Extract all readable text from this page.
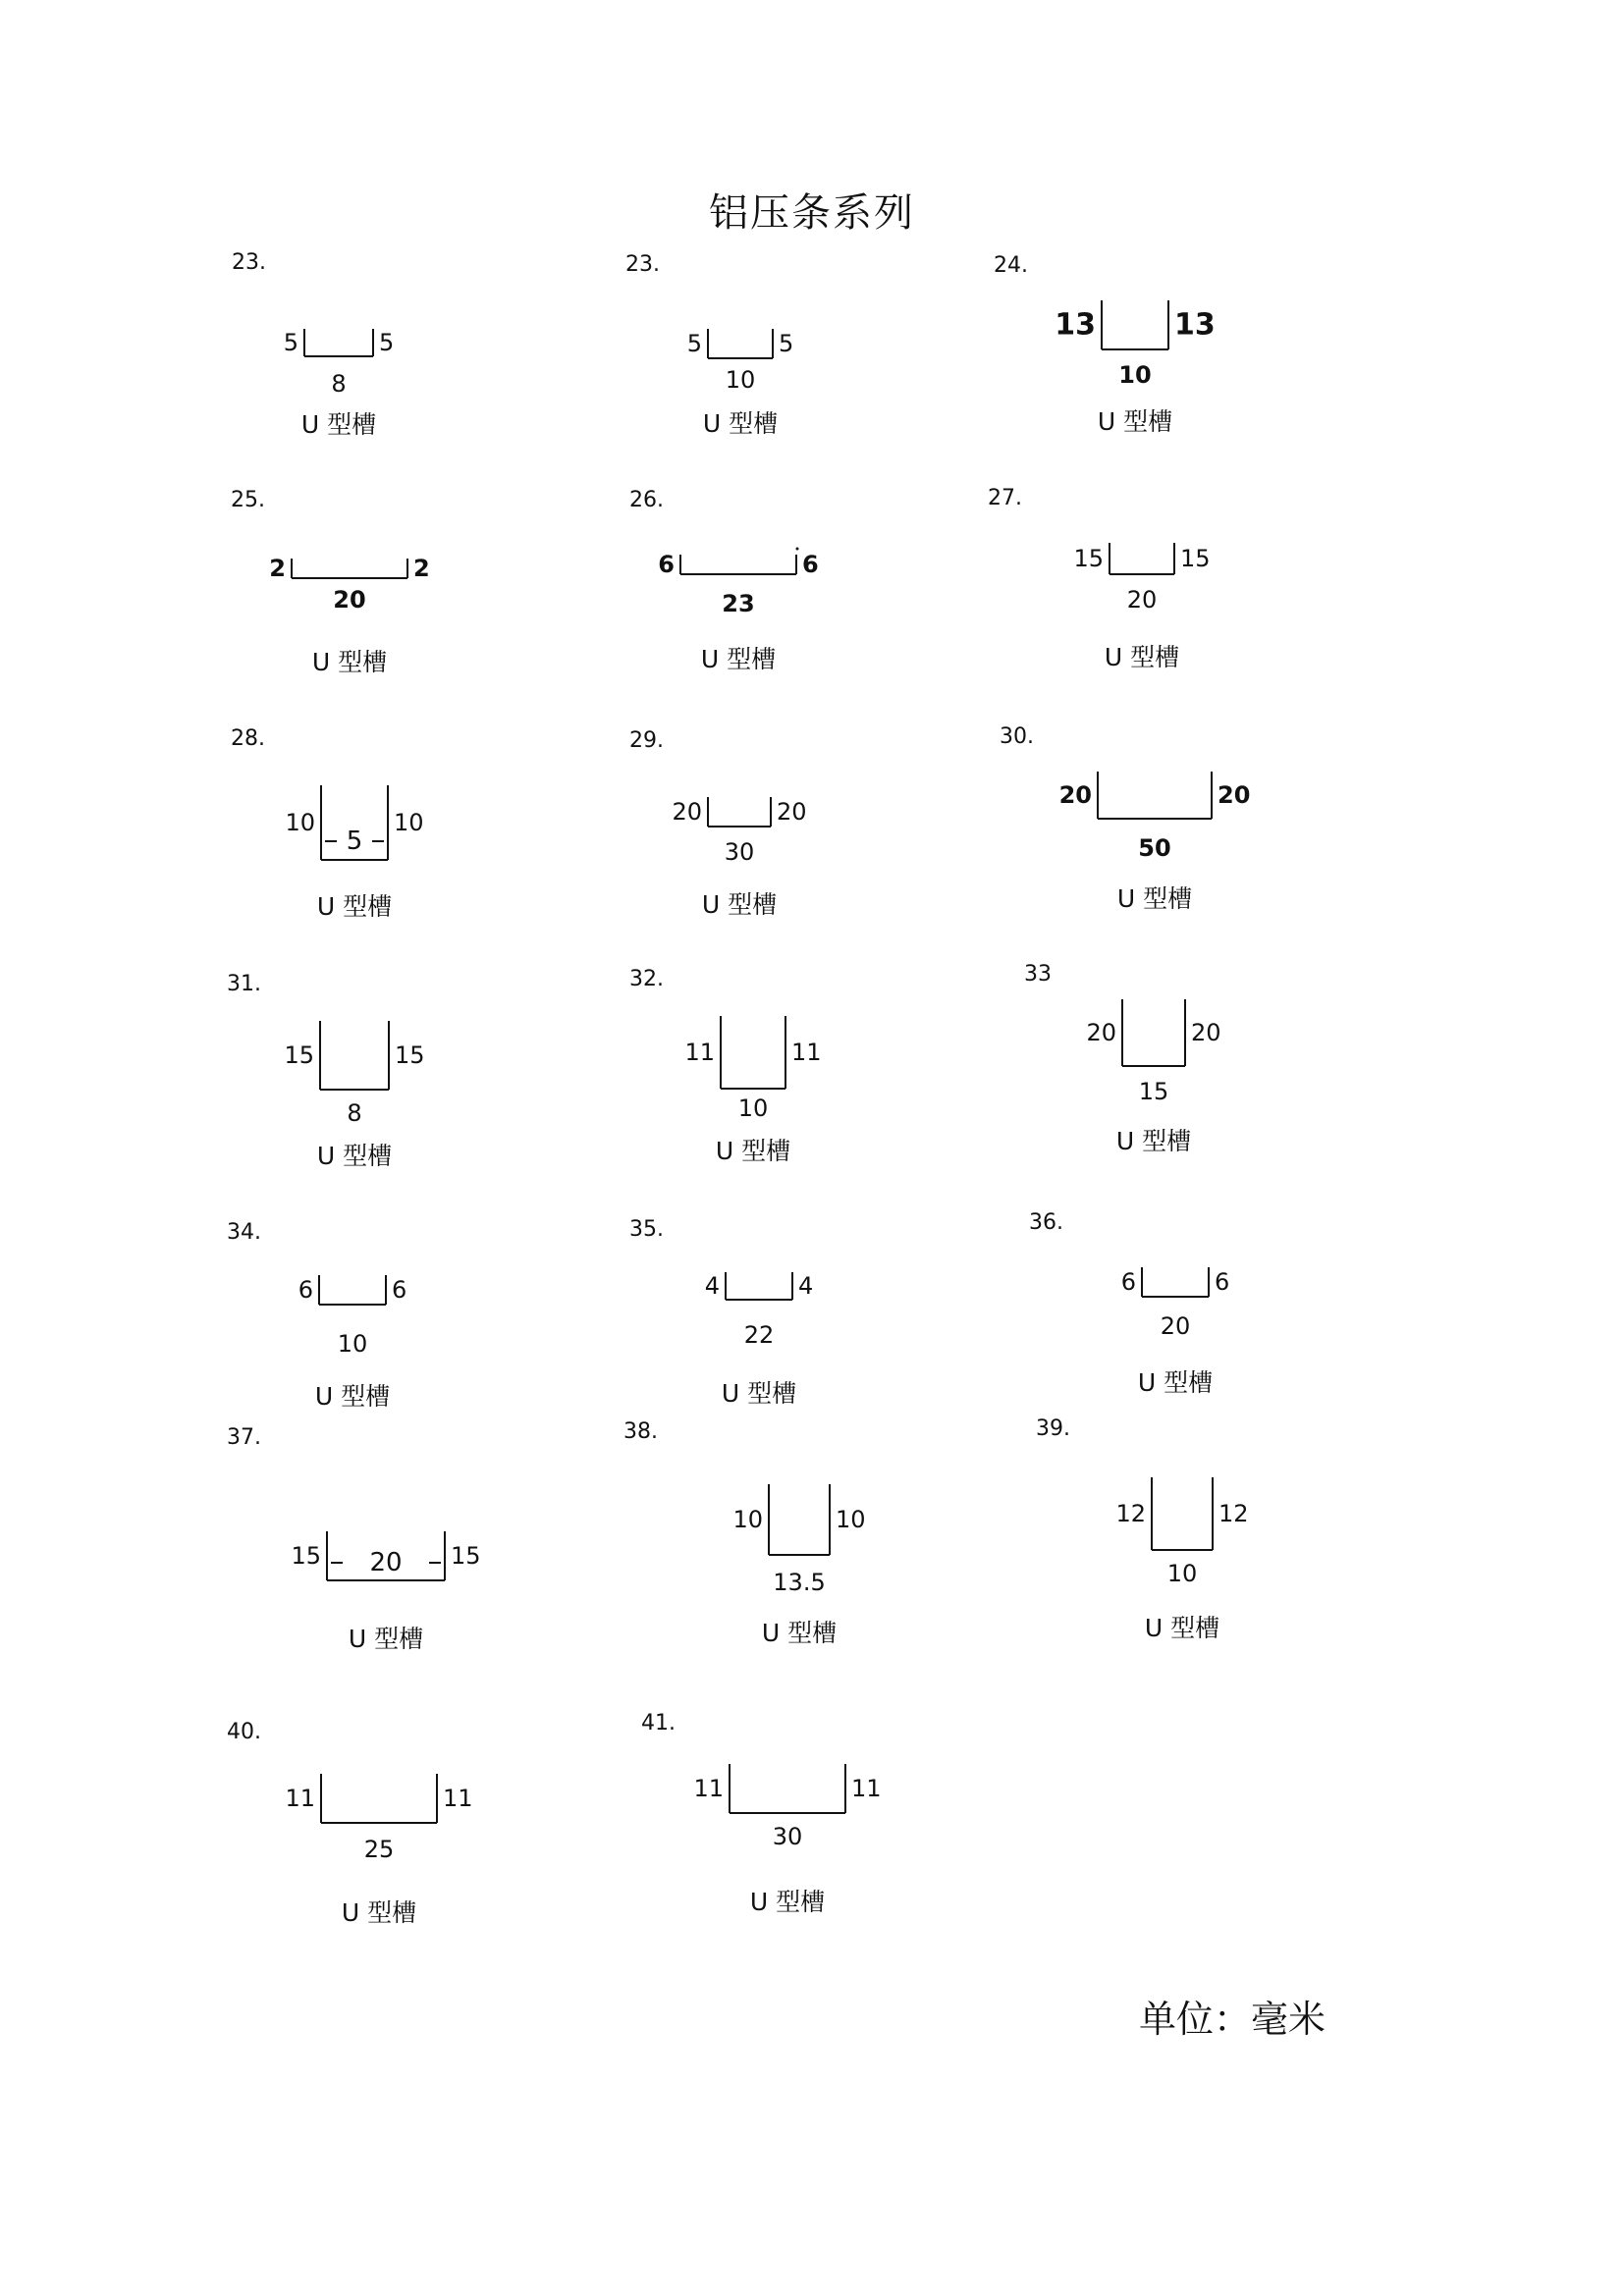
铝压条系列
23.
5	5
8
U 型槽
23.
5	5
10
U 型槽
24.
13	13
10
U 型槽
25.
2	2
20
U 型槽
26.
6	6
23
U 型槽
27.
15	15
20
U 型槽
28.
10	10
5
U 型槽
29.
20	20
30
U 型槽
30.
20	20
50
U 型槽
31.
15	15
8
U 型槽
32.
11	11
10
U 型槽
33
20	20
15
U 型槽
34.
6	6
10
U 型槽
35.
4	4
22
U 型槽
36.
6	6
20
U 型槽
37.
15	15
20
U 型槽
38.
10	10
13.5
U 型槽
39.
12	12
10
U 型槽
40.
11	11
25
U 型槽
41.
11	11
30
U 型槽
单位：毫米
